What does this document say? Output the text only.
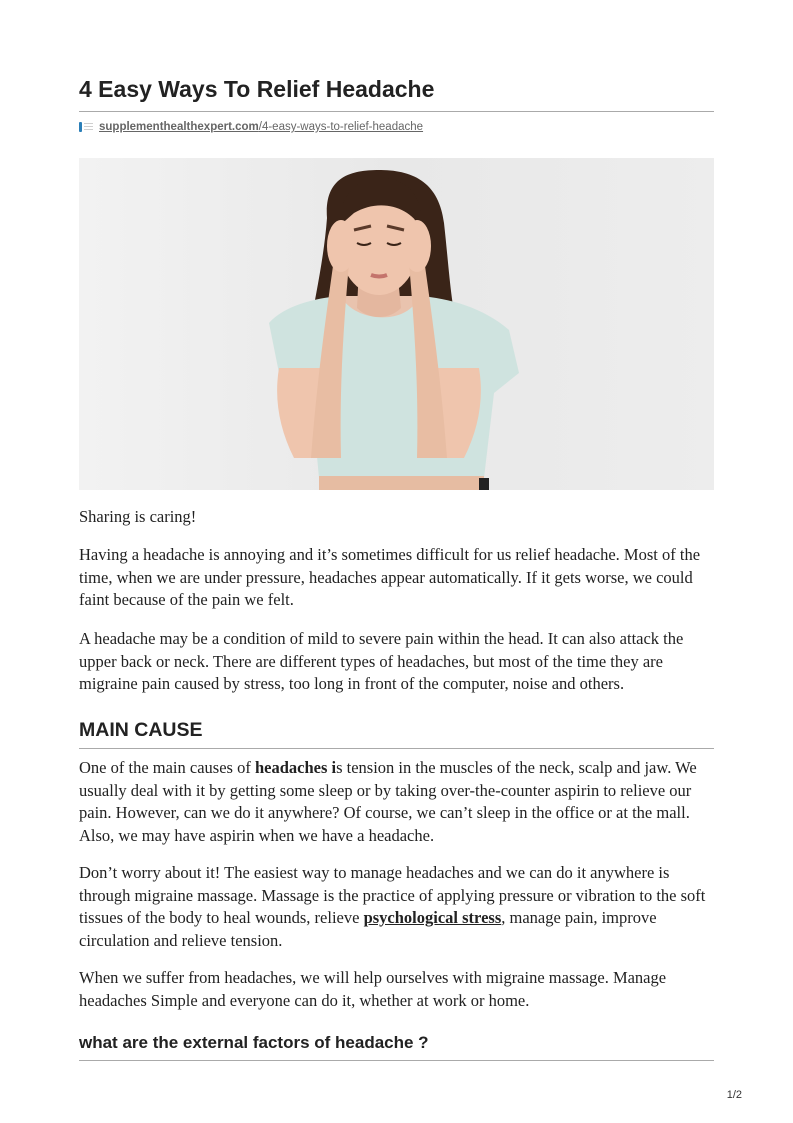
4 Easy Ways To Relief Headache
supplementhealthexpert.com/4-easy-ways-to-relief-headache

Sharing is caring!

Having a headache is annoying and it’s sometimes difficult for us relief headache. Most of the time, when we are under pressure, headaches appear automatically. If it gets worse, we could faint because of the pain we felt.

A headache may be a condition of mild to severe pain within the head. It can also attack the upper back or neck. There are different types of headaches, but most of the time they are migraine pain caused by stress, too long in front of the computer, noise and others.

MAIN CAUSE

One of the main causes of headaches is tension in the muscles of the neck, scalp and jaw. We usually deal with it by getting some sleep or by taking over-the-counter aspirin to relieve our pain. However, can we do it anywhere? Of course, we can’t sleep in the office or at the mall. Also, we may have aspirin when we have a headache.

Don’t worry about it! The easiest way to manage headaches and we can do it anywhere is through migraine massage. Massage is the practice of applying pressure or vibration to the soft tissues of the body to heal wounds, relieve psychological stress, manage pain, improve circulation and relieve tension.

When we suffer from headaches, we will help ourselves with migraine massage. Manage headaches Simple and everyone can do it, whether at work or home.

what are the external factors of headache ?
1/2
